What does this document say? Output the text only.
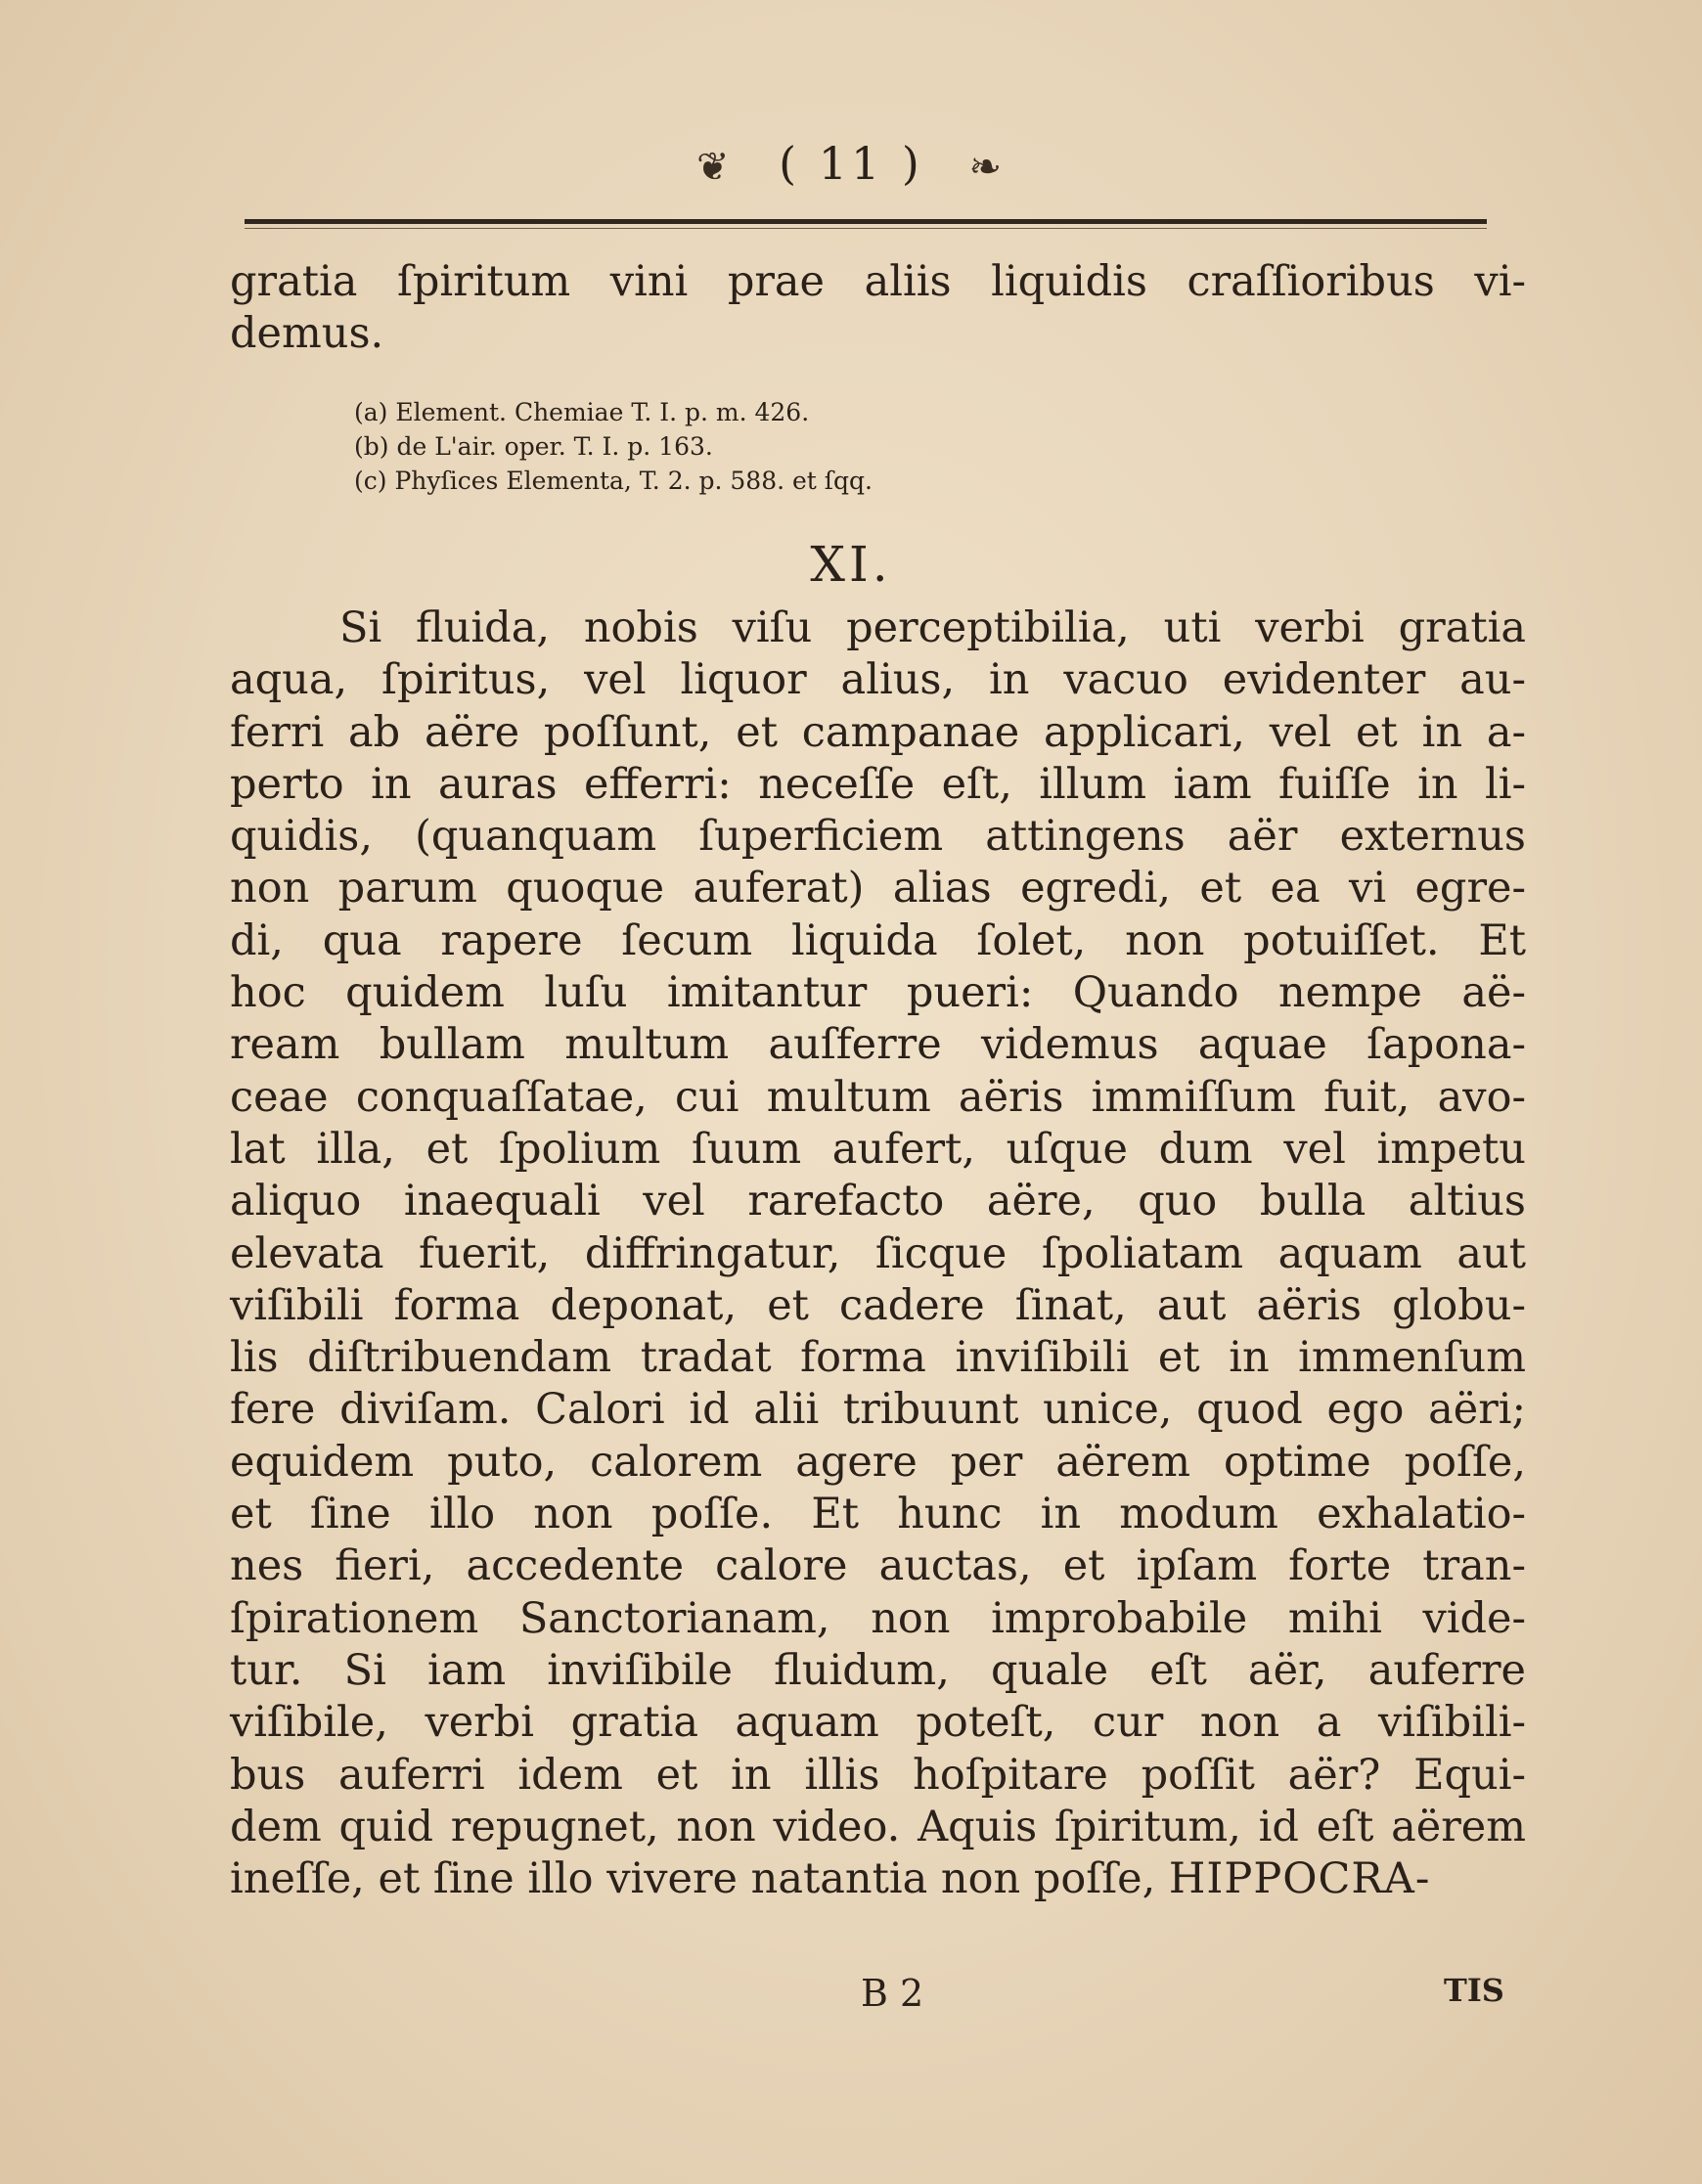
❦ ( 11 ) ❧
gratia ſpiritum vini prae aliis liquidis craſſioribus vi-
demus.
(a) Element. Chemiae T. I. p. m. 426.
(b) de L'air. oper. T. I. p. 163.
(c) Phyſices Elementa, T. 2. p. 588. et ſqq.
XI.
Si fluida, nobis viſu perceptibilia, uti verbi gratia
aqua, ſpiritus, vel liquor alius, in vacuo evidenter au-
ferri ab aëre poſſunt, et campanae applicari, vel et in a-
perto in auras efferri: neceſſe eſt, illum iam fuiſſe in li-
quidis, (quanquam ſuperficiem attingens aër externus
non parum quoque auferat) alias egredi, et ea vi egre-
di, qua rapere ſecum liquida ſolet, non potuiſſet. Et
hoc quidem luſu imitantur pueri: Quando nempe aë-
ream bullam multum auſferre videmus aquae ſapona-
ceae conquaſſatae, cui multum aëris immiſſum fuit, avo-
lat illa, et ſpolium ſuum aufert, uſque dum vel impetu
aliquo inaequali vel rarefacto aëre, quo bulla altius
elevata fuerit, diffringatur, ſicque ſpoliatam aquam aut
viſibili forma deponat, et cadere ſinat, aut aëris globu-
lis diſtribuendam tradat forma inviſibili et in immenſum
fere diviſam. Calori id alii tribuunt unice, quod ego aëri;
equidem puto, calorem agere per aërem optime poſſe,
et ſine illo non poſſe. Et hunc in modum exhalatio-
nes fieri, accedente calore auctas, et ipſam forte tran-
ſpirationem Sanctorianam, non improbabile mihi vide-
tur. Si iam inviſibile fluidum, quale eſt aër, auferre
viſibile, verbi gratia aquam poteſt, cur non a viſibili-
bus auferri idem et in illis hoſpitare poſſit aër? Equi-
dem quid repugnet, non video. Aquis ſpiritum, id eſt aërem
ineſſe, et ſine illo vivere natantia non poſſe, HIPPOCRA-
B 2	TIS
